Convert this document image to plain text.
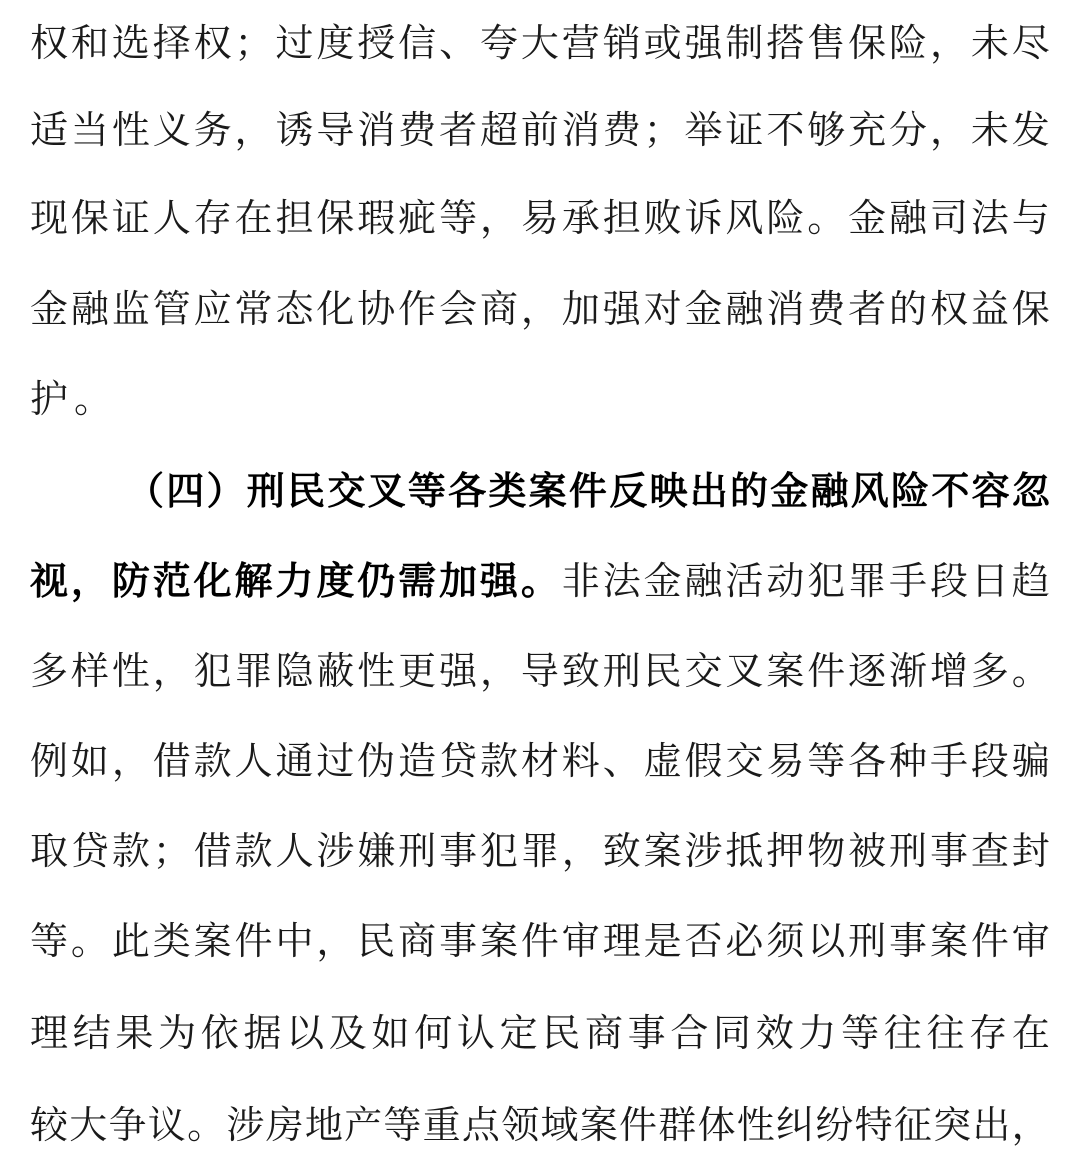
权 和 选 择 权 ； 过 度 授 信 、 夸 大 营 销 或 强 制 搭 售 保 险 ， 未 尽
适 当 性 义 务 ， 诱 导 消 费 者 超 前 消 费 ； 举 证 不 够 充 分 ， 未 发
现 保 证 人 存 在 担 保 瑕 疵 等 ， 易 承 担 败 诉 风 险 。 金 融 司 法 与
金 融 监 管 应 常 态 化 协 作 会 商 ， 加 强 对 金 融 消 费 者 的 权 益 保
护 。
（ 四 ） 刑 民 交 叉 等 各 类 案 件 反 映 出 的 金 融 风 险 不 容 忽
视 ， 防 范 化 解 力 度 仍 需 加 强 。 非 法 金 融 活 动 犯 罪 手 段 日 趋
多 样 性 ， 犯 罪 隐 蔽 性 更 强 ， 导 致 刑 民 交 叉 案 件 逐 渐 增 多 。
例 如 ， 借 款 人 通 过 伪 造 贷 款 材 料 、 虚 假 交 易 等 各 种 手 段 骗
取 贷 款 ； 借 款 人 涉 嫌 刑 事 犯 罪 ， 致 案 涉 抵 押 物 被 刑 事 查 封
等 。 此 类 案 件 中 ， 民 商 事 案 件 审 理 是 否 必 须 以 刑 事 案 件 审
理 结 果 为 依 据 以 及 如 何 认 定 民 商 事 合 同 效 力 等 往 往 存 在
较 大 争 议 。 涉 房 地 产 等 重 点 领 域 案 件 群 体 性 纠 纷 特 征 突 出 ，
